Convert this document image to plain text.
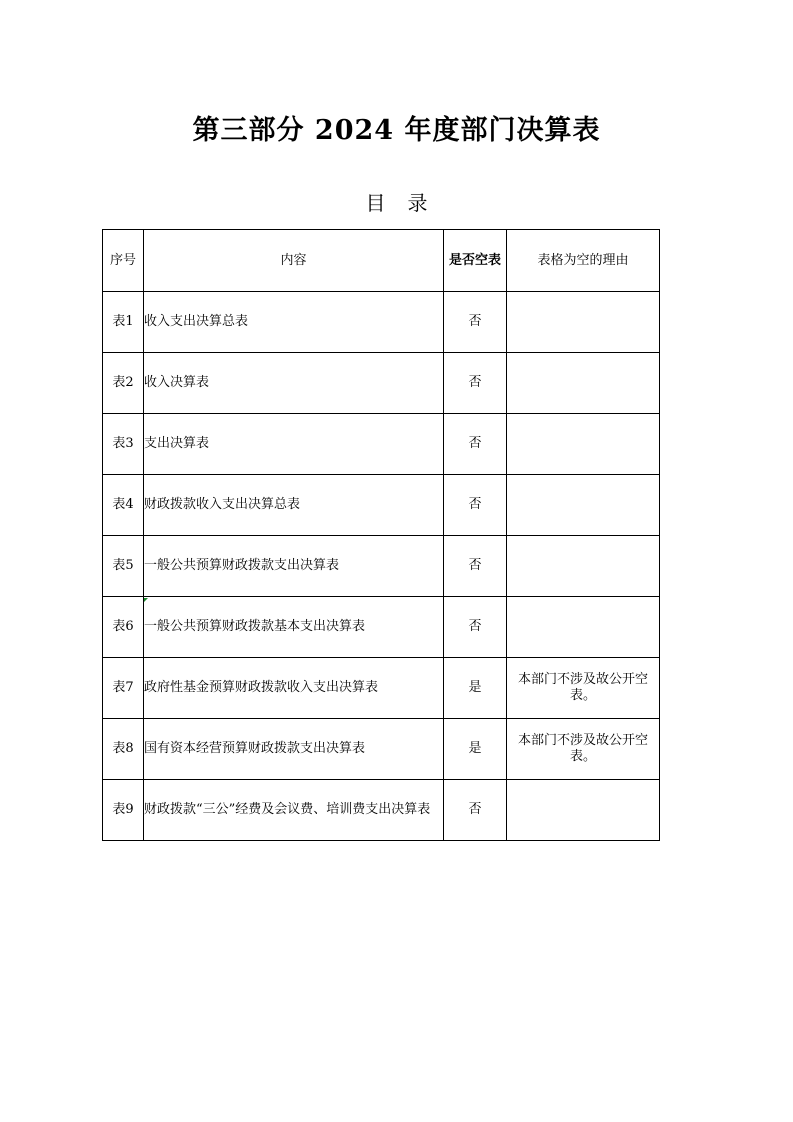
第三部分 2024 年度部门决算表
目 录
序号	内容	是否空表	表格为空的理由
表1	收入支出决算总表	否	
表2	收入决算表	否	
表3	支出决算表	否	
表4	财政拨款收入支出决算总表	否	
表5	一般公共预算财政拨款支出决算表	否	
表6	一般公共预算财政拨款基本支出决算表	否	
表7	政府性基金预算财政拨款收入支出决算表	是	本部门不涉及故公开空表。
表8	国有资本经营预算财政拨款支出决算表	是	本部门不涉及故公开空表。
表9	财政拨款“三公”经费及会议费、培训费支出决算表	否	
